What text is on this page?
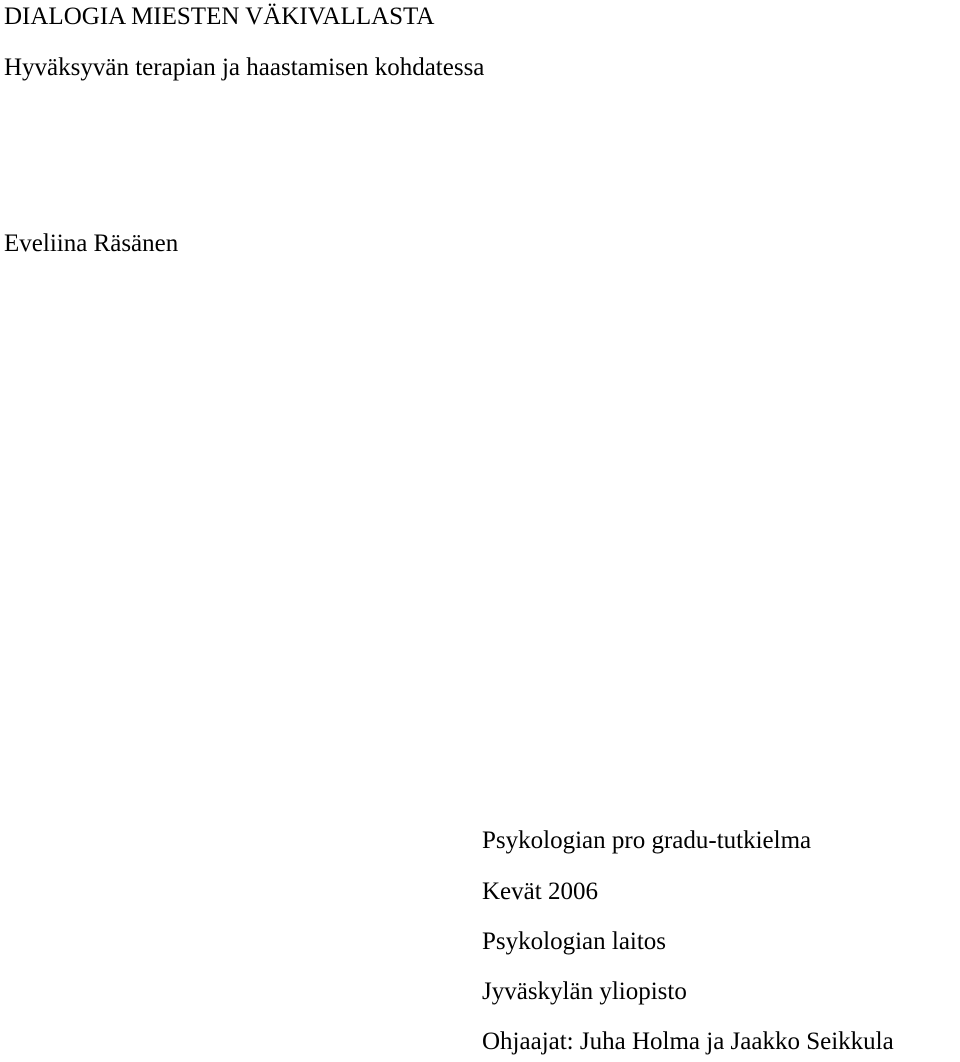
DIALOGIA MIESTEN VÄKIVALLASTA
Hyväksyvän terapian ja haastamisen kohdatessa

Eveliina Räsänen

Psykologian pro gradu-tutkielma

Kevät 2006

Psykologian laitos

Jyväskylän yliopisto

Ohjaajat: Juha Holma ja Jaakko Seikkula
